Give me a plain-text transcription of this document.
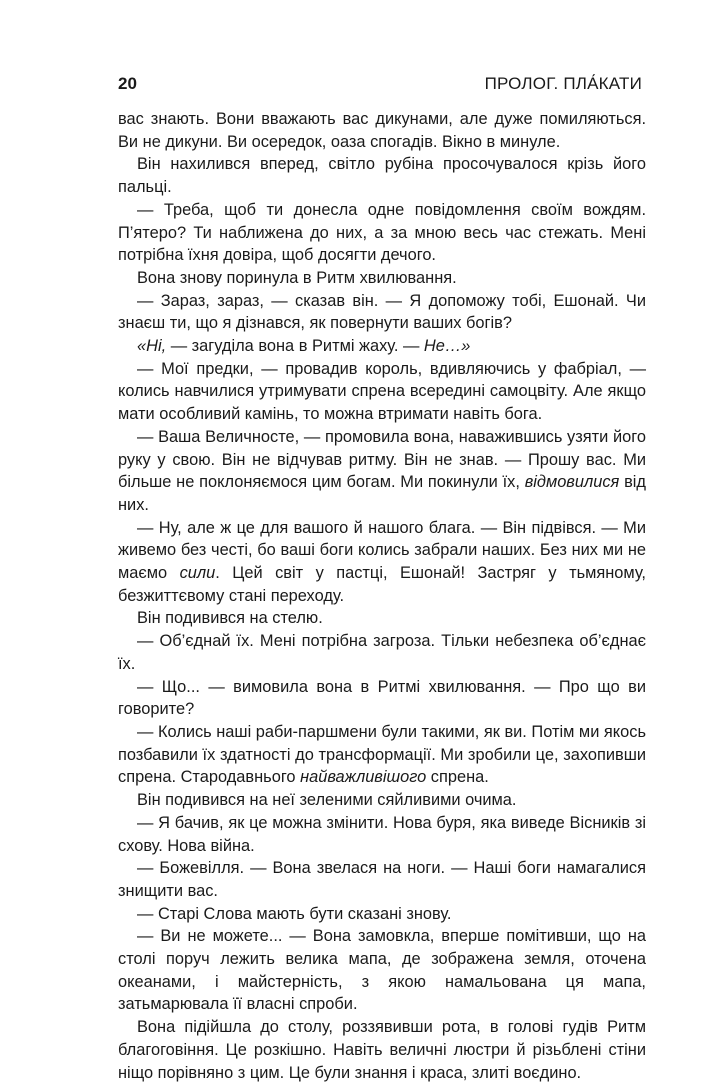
20	ПРОЛОГ. ПЛА́КАТИ

вас знають. Вони вважають вас дикунами, але дуже помиляються. Ви не дикуни. Ви осередок, оаза спогадів. Вікно в минуле.

Він нахилився вперед, світло рубіна просочувалося крізь його пальці.

— Треба, щоб ти донесла одне повідомлення своїм вождям. П’ятеро? Ти наближена до них, а за мною весь час стежать. Мені потрібна їхня довіра, щоб досягти дечого.

Вона знову поринула в Ритм хвилювання.

— Зараз, зараз, — сказав він. — Я допоможу тобі, Ешонай. Чи знаєш ти, що я дізнався, як повернути ваших богів?

«Ні, — загуділа вона в Ритмі жаху. — Не…»

— Мої предки, — провадив король, вдивляючись у фабріал, — колись навчилися утримувати спрена всередині самоцвіту. Але якщо мати особливий камінь, то можна втримати навіть бога.

— Ваша Величносте, — промовила вона, наважившись узяти його руку у свою. Він не відчував ритму. Він не знав. — Прошу вас. Ми більше не поклоняємося цим богам. Ми покинули їх, відмовилися від них.

— Ну, але ж це для вашого й нашого блага. — Він підвівся. — Ми живемо без честі, бо ваші боги колись забрали наших. Без них ми не маємо сили. Цей світ у пастці, Ешонай! Застряг у тьмяному, безжиттєвому стані переходу.

Він подивився на стелю.

— Об’єднай їх. Мені потрібна загроза. Тільки небезпека об’єднає їх.

— Що... — вимовила вона в Ритмі хвилювання. — Про що ви говорите?

— Колись наші раби-паршмени були такими, як ви. Потім ми якось позбавили їх здатності до трансформації. Ми зробили це, захопивши спрена. Стародавнього найважливішого спрена.

Він подивився на неї зеленими сяйливими очима.

— Я бачив, як це можна змінити. Нова буря, яка виведе Вісників зі схову. Нова війна.

— Божевілля. — Вона звелася на ноги. — Наші боги намагалися знищити вас.

— Старі Слова мають бути сказані знову.

— Ви не можете... — Вона замовкла, вперше помітивши, що на столі поруч лежить велика мапа, де зображена земля, оточена океанами, і майстерність, з якою намальована ця мапа, затьмарювала її власні спроби.

Вона підійшла до столу, роззявивши рота, в голові гудів Ритм благоговіння. Це розкішно. Навіть величні люстри й різьблені стіни ніщо порівняно з цим. Це були знання і краса, злиті воєдино.
